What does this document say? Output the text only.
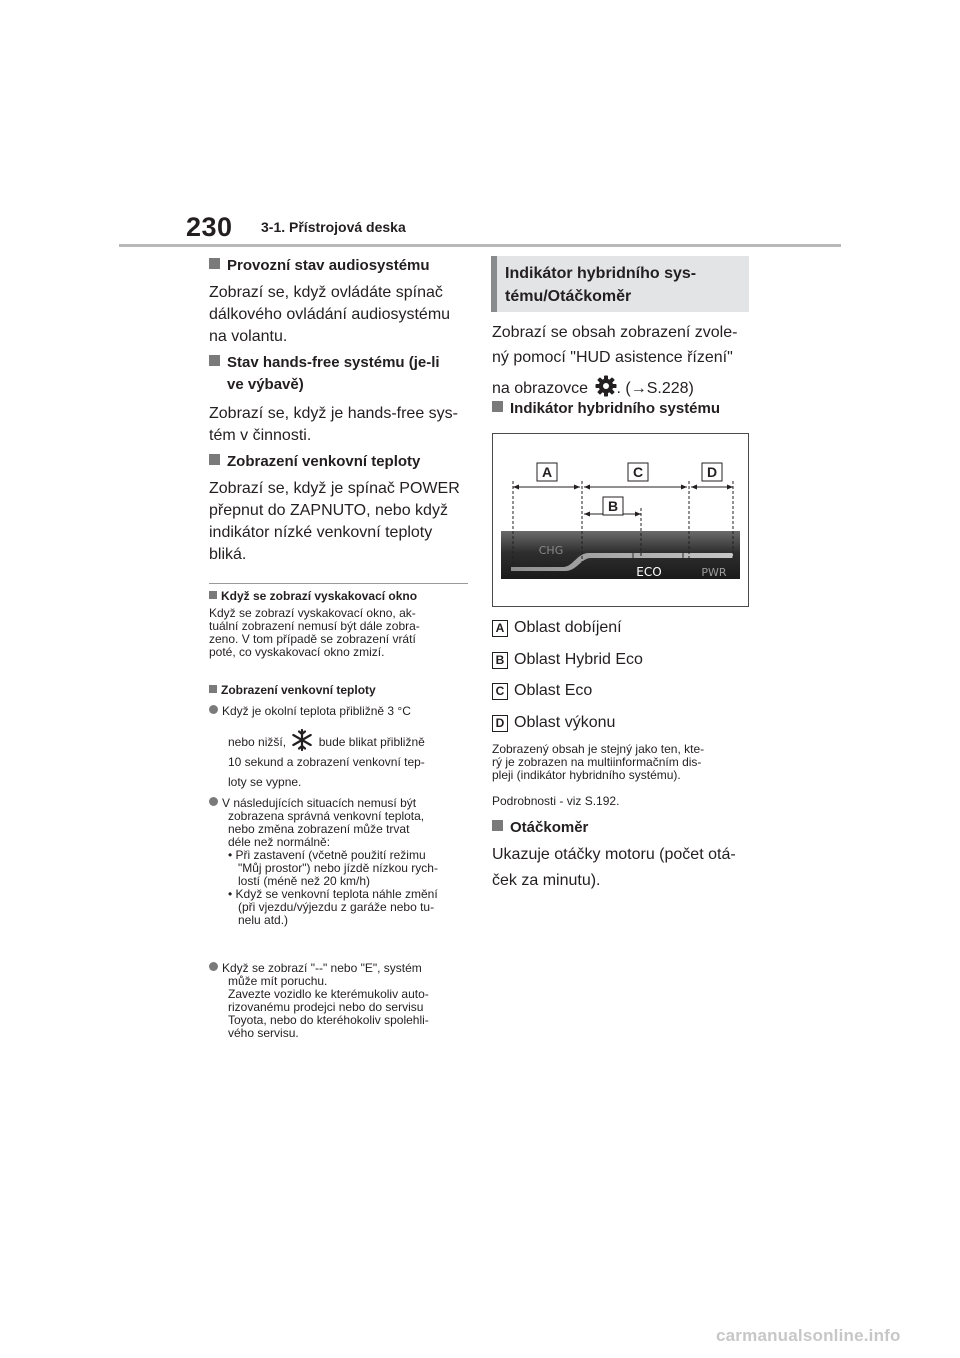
230 3-1. Přístrojová deska
Provozní stav audiosystému
Zobrazí se, když ovládáte spínač
dálkového ovládání audiosystému
na volantu.
Stav hands-free systému (je-li
ve výbavě)
Zobrazí se, když je hands-free sys-
tém v činnosti.
Zobrazení venkovní teploty
Zobrazí se, když je spínač POWER
přepnut do ZAPNUTO, nebo když
indikátor nízké venkovní teploty
bliká.
Když se zobrazí vyskakovací okno
Když se zobrazí vyskakovací okno, ak-
tuální zobrazení nemusí být dále zobra-
zeno. V tom případě se zobrazení vrátí
poté, co vyskakovací okno zmizí.
Zobrazení venkovní teploty
Když je okolní teplota přibližně 3 °C
nebo nižší,	bude blikat přibližně
10 sekund a zobrazení venkovní tep-
loty se vypne.
V následujících situacích nemusí být
zobrazena správná venkovní teplota,
nebo změna zobrazení může trvat
déle než normálně:
• Při zastavení (včetně použití režimu
"Můj prostor") nebo jízdě nízkou rych-
lostí (méně než 20 km/h)
• Když se venkovní teplota náhle změní
(při vjezdu/výjezdu z garáže nebo tu-
nelu atd.)
Když se zobrazí "--" nebo "E", systém
může mít poruchu.
Zavezte vozidlo ke kterémukoliv auto-
rizovanému prodejci nebo do servisu
Toyota, nebo do kteréhokoliv spolehli-
vého servisu.
Indikátor hybridního sys-
tému/Otáčkoměr
Zobrazí se obsah zobrazení zvole-
ný pomocí "HUD asistence řízení"
na obrazovce . (→S.228)
Indikátor hybridního systému
A	C	D
B
CHG
ECO	PWR
A Oblast dobíjení
B Oblast Hybrid Eco
C Oblast Eco
D Oblast výkonu
Zobrazený obsah je stejný jako ten, kte-
rý je zobrazen na multiinformačním dis-
pleji (indikátor hybridního systému).
Podrobnosti - viz S.192.
Otáčkoměr
Ukazuje otáčky motoru (počet otá-
ček za minutu).
carmanualsonline.info
